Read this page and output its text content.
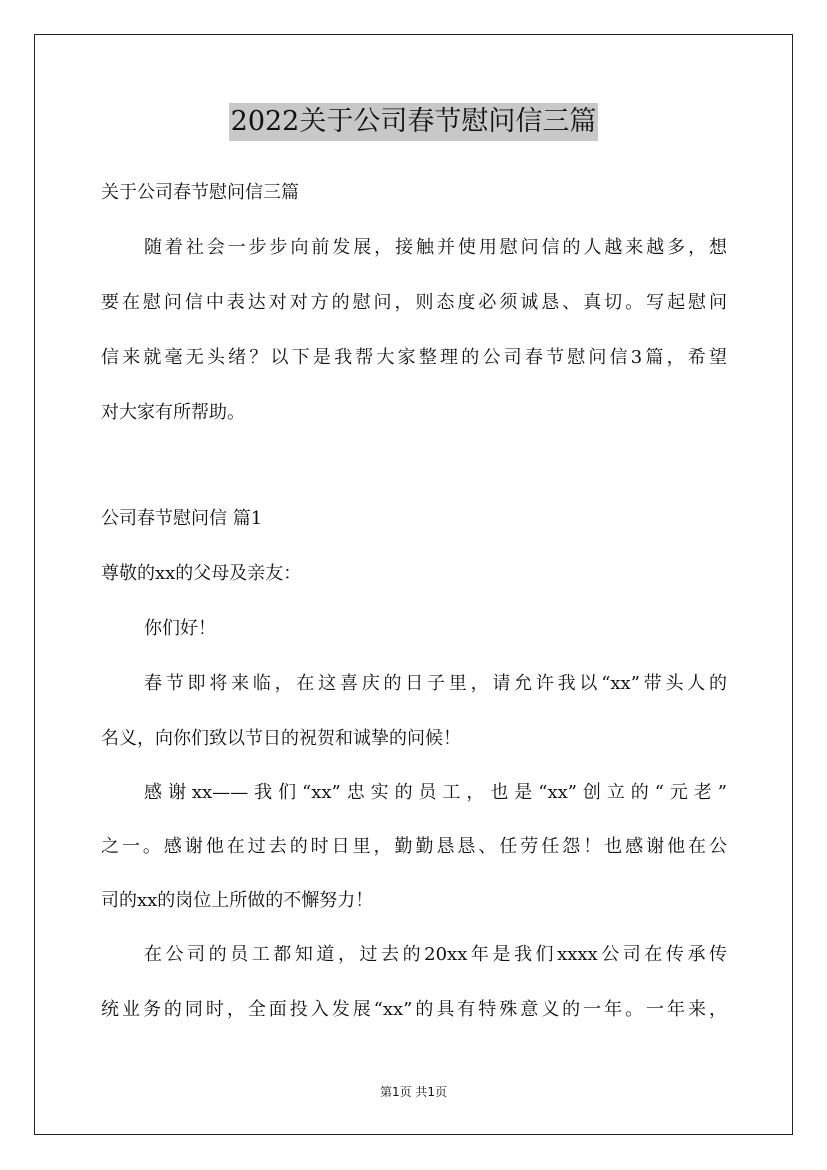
2022关于公司春节慰问信三篇
关于公司春节慰问信三篇
随着社会一步步向前发展，接触并使用慰问信的人越来越多，想
要在慰问信中表达对对方的慰问，则态度必须诚恳、真切。写起慰问
信来就毫无头绪？以下是我帮大家整理的公司春节慰问信3篇，希望
对大家有所帮助。
公司春节慰问信 篇1
尊敬的xx的父母及亲友：
你们好！
春节即将来临，在这喜庆的日子里，请允许我以“xx”带头人的
名义，向你们致以节日的祝贺和诚挚的问候！
感谢xx——我们“xx”忠实的员工，也是“xx”创立的“元老”
之一。感谢他在过去的时日里，勤勤恳恳、任劳任怨！也感谢他在公
司的xx的岗位上所做的不懈努力！
在公司的员工都知道，过去的20xx年是我们xxxx公司在传承传
统业务的同时，全面投入发展“xx”的具有特殊意义的一年。一年来，
第1页 共1页
